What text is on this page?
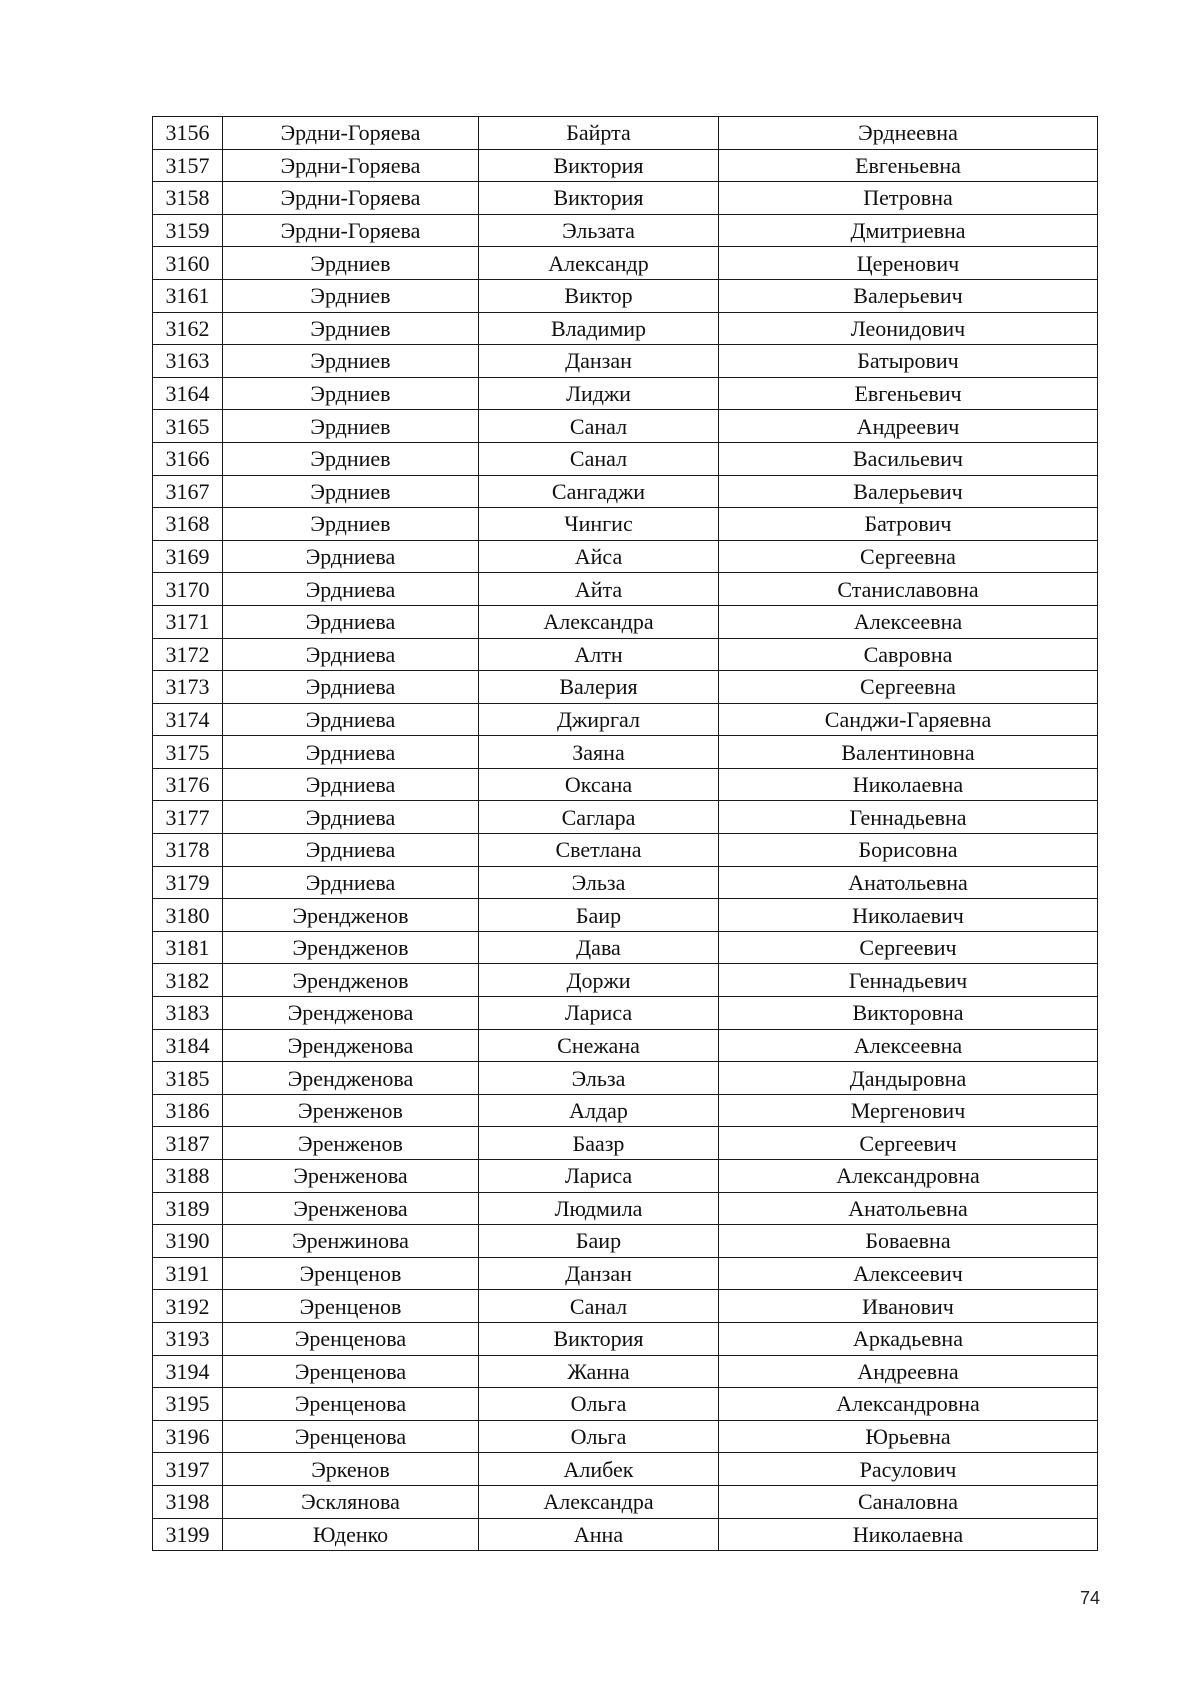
3156	Эрдни-Горяева	Байрта	Эрднеевна
3157	Эрдни-Горяева	Виктория	Евгеньевна
3158	Эрдни-Горяева	Виктория	Петровна
3159	Эрдни-Горяева	Эльзата	Дмитриевна
3160	Эрдниев	Александр	Церенович
3161	Эрдниев	Виктор	Валерьевич
3162	Эрдниев	Владимир	Леонидович
3163	Эрдниев	Данзан	Батырович
3164	Эрдниев	Лиджи	Евгеньевич
3165	Эрдниев	Санал	Андреевич
3166	Эрдниев	Санал	Васильевич
3167	Эрдниев	Сангаджи	Валерьевич
3168	Эрдниев	Чингис	Батрович
3169	Эрдниева	Айса	Сергеевна
3170	Эрдниева	Айта	Станиславовна
3171	Эрдниева	Александра	Алексеевна
3172	Эрдниева	Алтн	Савровна
3173	Эрдниева	Валерия	Сергеевна
3174	Эрдниева	Джиргал	Санджи-Гаряевна
3175	Эрдниева	Заяна	Валентиновна
3176	Эрдниева	Оксана	Николаевна
3177	Эрдниева	Саглара	Геннадьевна
3178	Эрдниева	Светлана	Борисовна
3179	Эрдниева	Эльза	Анатольевна
3180	Эрендженов	Баир	Николаевич
3181	Эрендженов	Дава	Сергеевич
3182	Эрендженов	Доржи	Геннадьевич
3183	Эрендженова	Лариса	Викторовна
3184	Эрендженова	Снежана	Алексеевна
3185	Эрендженова	Эльза	Дандыровна
3186	Эренженов	Алдар	Мергенович
3187	Эренженов	Баазр	Сергеевич
3188	Эренженова	Лариса	Александровна
3189	Эренженова	Людмила	Анатольевна
3190	Эренжинова	Баир	Боваевна
3191	Эренценов	Данзан	Алексеевич
3192	Эренценов	Санал	Иванович
3193	Эренценова	Виктория	Аркадьевна
3194	Эренценова	Жанна	Андреевна
3195	Эренценова	Ольга	Александровна
3196	Эренценова	Ольга	Юрьевна
3197	Эркенов	Алибек	Расулович
3198	Эсклянова	Александра	Саналовна
3199	Юденко	Анна	Николаевна
74
